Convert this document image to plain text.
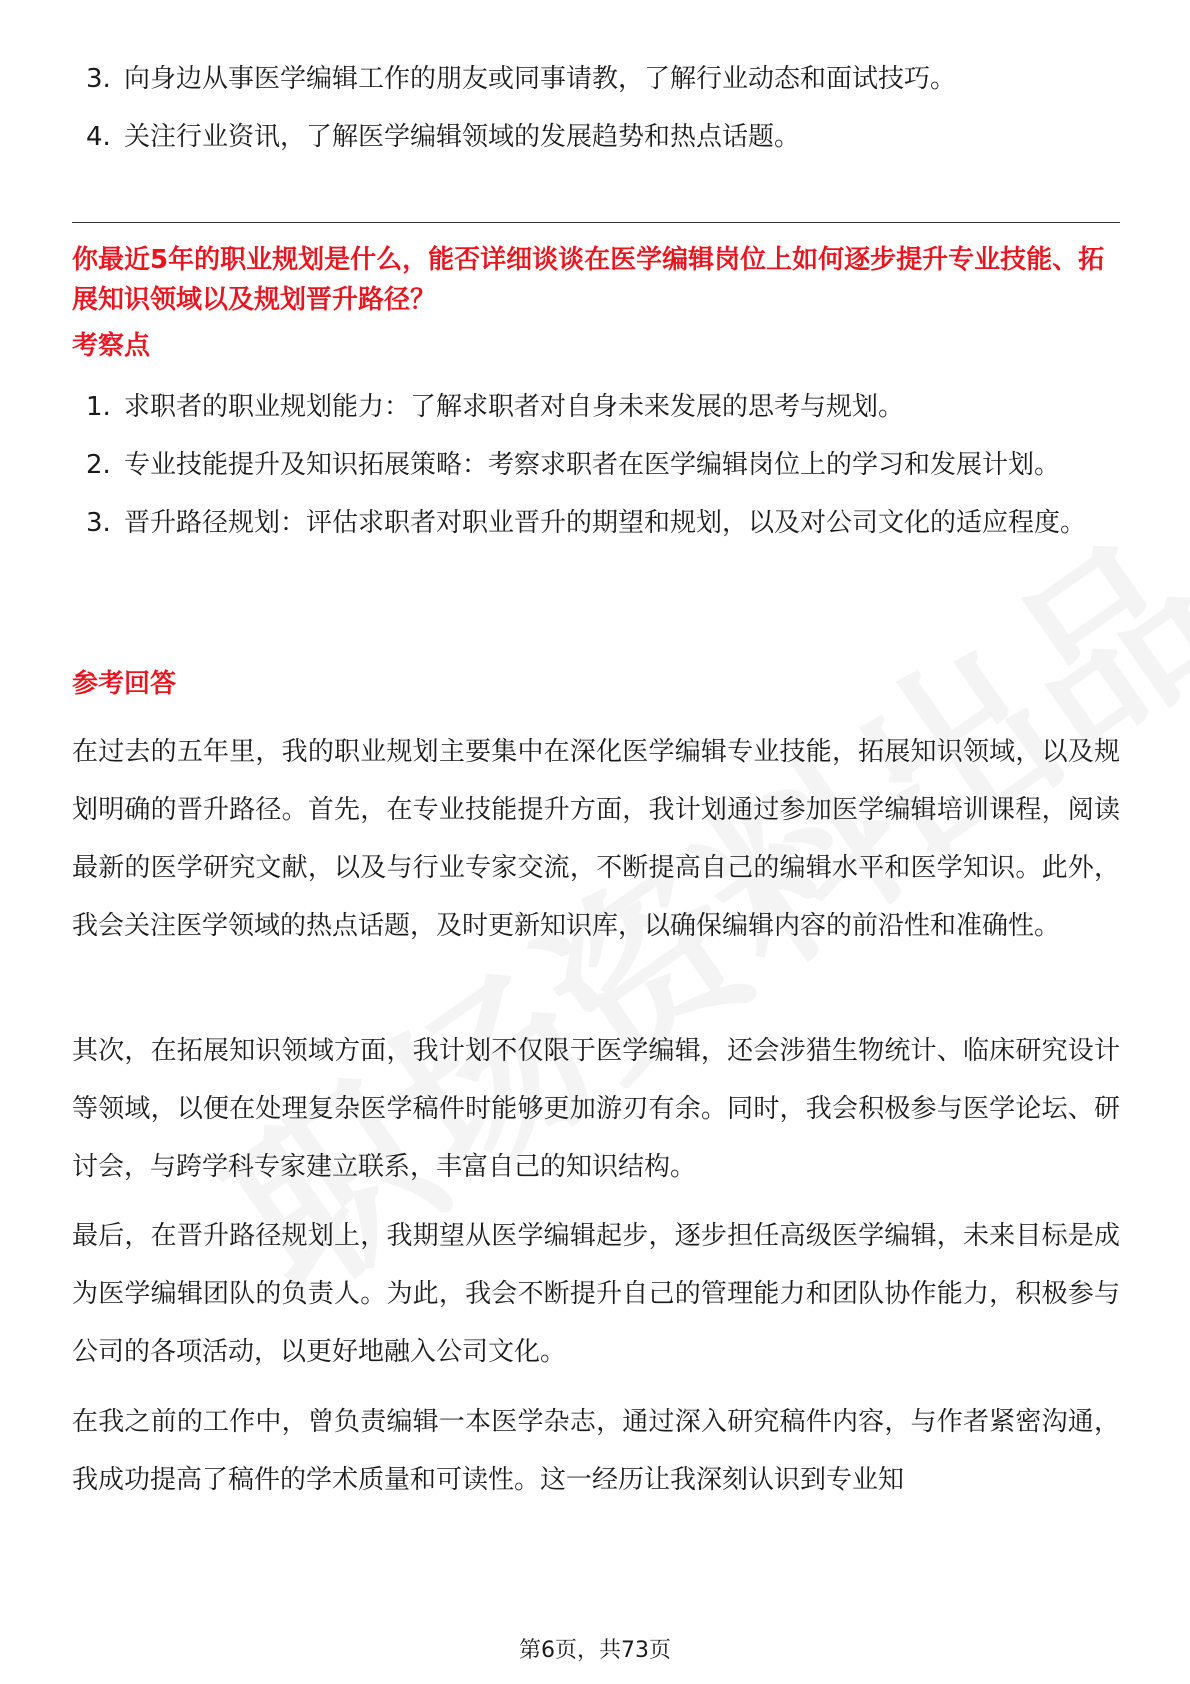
3. 向身边从事医学编辑工作的朋友或同事请教，了解行业动态和面试技巧。
4. 关注行业资讯，了解医学编辑领域的发展趋势和热点话题。
你最近5年的职业规划是什么，能否详细谈谈在医学编辑岗位上如何逐步提升专业技能、拓展知识领域以及规划晋升路径？
考察点
1. 求职者的职业规划能力：了解求职者对自身未来发展的思考与规划。
2. 专业技能提升及知识拓展策略：考察求职者在医学编辑岗位上的学习和发展计划。
3. 晋升路径规划：评估求职者对职业晋升的期望和规划，以及对公司文化的适应程度。
参考回答
在过去的五年里，我的职业规划主要集中在深化医学编辑专业技能，拓展知识领域，以及规划明确的晋升路径。首先，在专业技能提升方面，我计划通过参加医学编辑培训课程，阅读最新的医学研究文献，以及与行业专家交流，不断提高自己的编辑水平和医学知识。此外，我会关注医学领域的热点话题，及时更新知识库，以确保编辑内容的前沿性和准确性。
其次，在拓展知识领域方面，我计划不仅限于医学编辑，还会涉猎生物统计、临床研究设计等领域，以便在处理复杂医学稿件时能够更加游刃有余。同时，我会积极参与医学论坛、研讨会，与跨学科专家建立联系，丰富自己的知识结构。
最后，在晋升路径规划上，我期望从医学编辑起步，逐步担任高级医学编辑，未来目标是成为医学编辑团队的负责人。为此，我会不断提升自己的管理能力和团队协作能力，积极参与公司的各项活动，以更好地融入公司文化。
在我之前的工作中，曾负责编辑一本医学杂志，通过深入研究稿件内容，与作者紧密沟通，我成功提高了稿件的学术质量和可读性。这一经历让我深刻认识到专业知
第6页，共73页
